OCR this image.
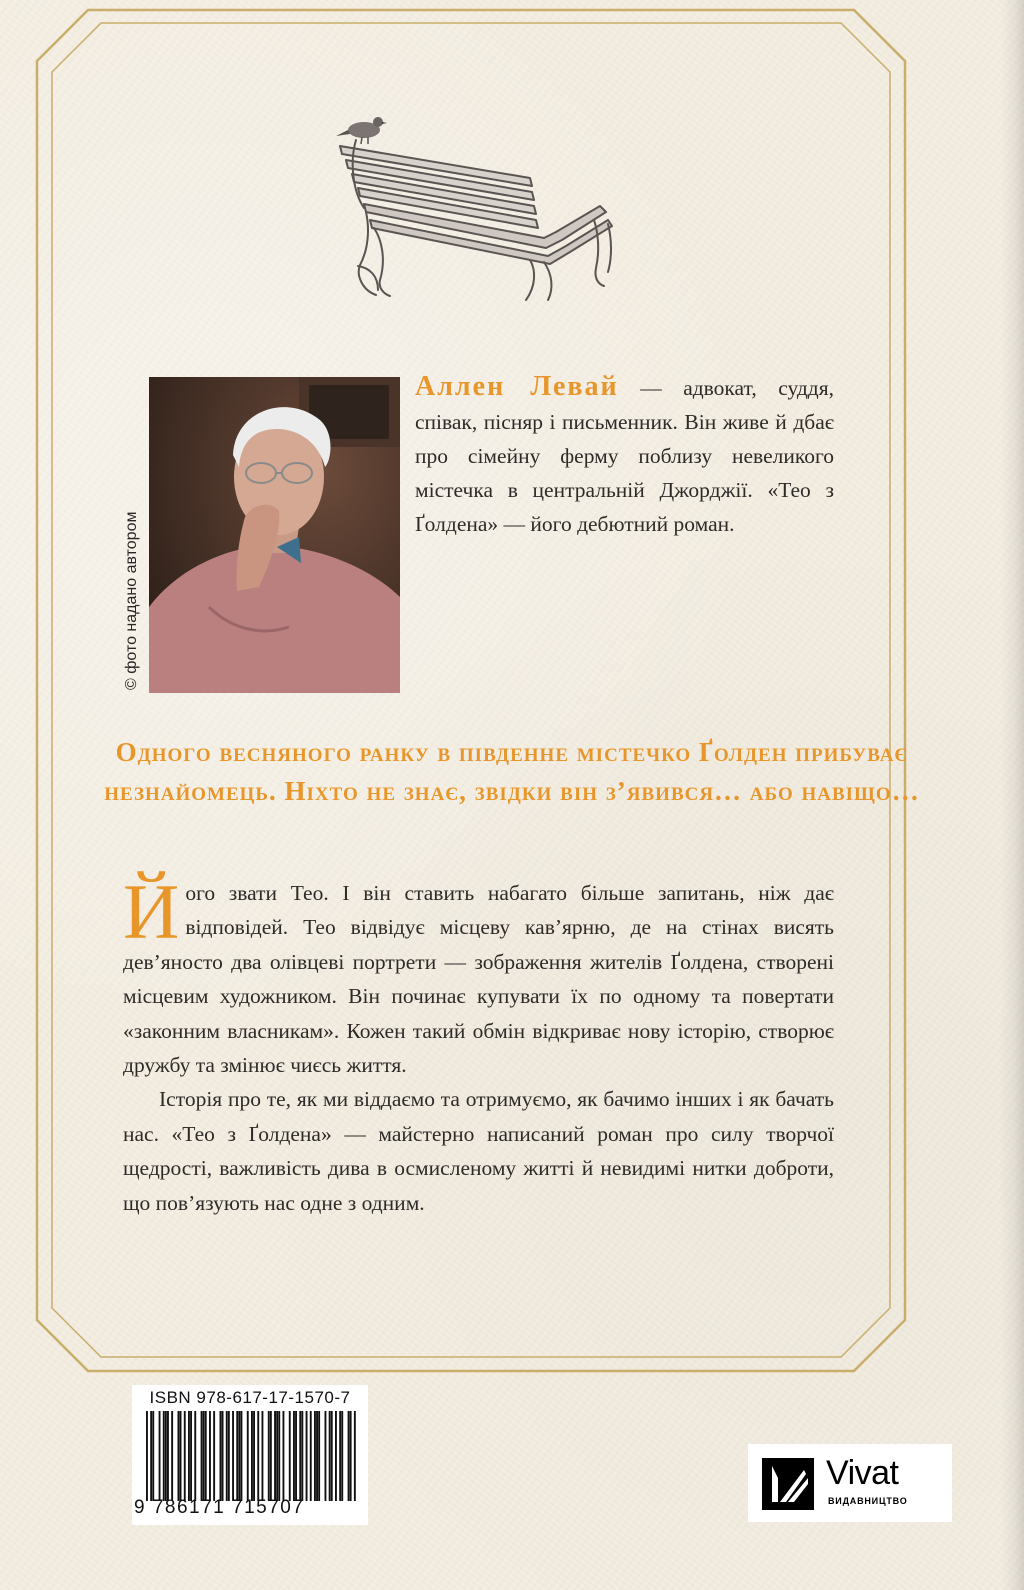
© фото надано автором
Аллен Левай — адвокат, суддя, співак, пісняр і письменник. Він живе й дбає про сімейну ферму поблизу невеликого містечка в центральній Джорджії. «Тео з Ґолдена» — його дебютний роман.
Одного весняного ранку в південне містечко Ґолден прибуває незнайомець. Ніхто не знає, звідки він з’явився… або навіщо…

Його звати Тео. І він ставить набагато більше запитань, ніж дає відповідей. Тео відвідує місцеву кав’ярню, де на стінах висять дев’яносто два олівцеві портрети — зображення жителів Ґолдена, створені місцевим художником. Він починає купувати їх по одному та повертати «законним власникам». Кожен такий обмін відкриває нову історію, створює дружбу та змінює чиєсь життя.

Історія про те, як ми віддаємо та отримуємо, як бачимо інших і як бачать нас. «Тео з Ґолдена» — майстерно написаний роман про силу творчої щедрості, важливість дива в осмисленому житті й невидимі нитки доброти, що пов’язують нас одне з одним.

ISBN 978-617-17-1570-7
9 786171 715707
Vivat
ВИДАВНИЦТВО
